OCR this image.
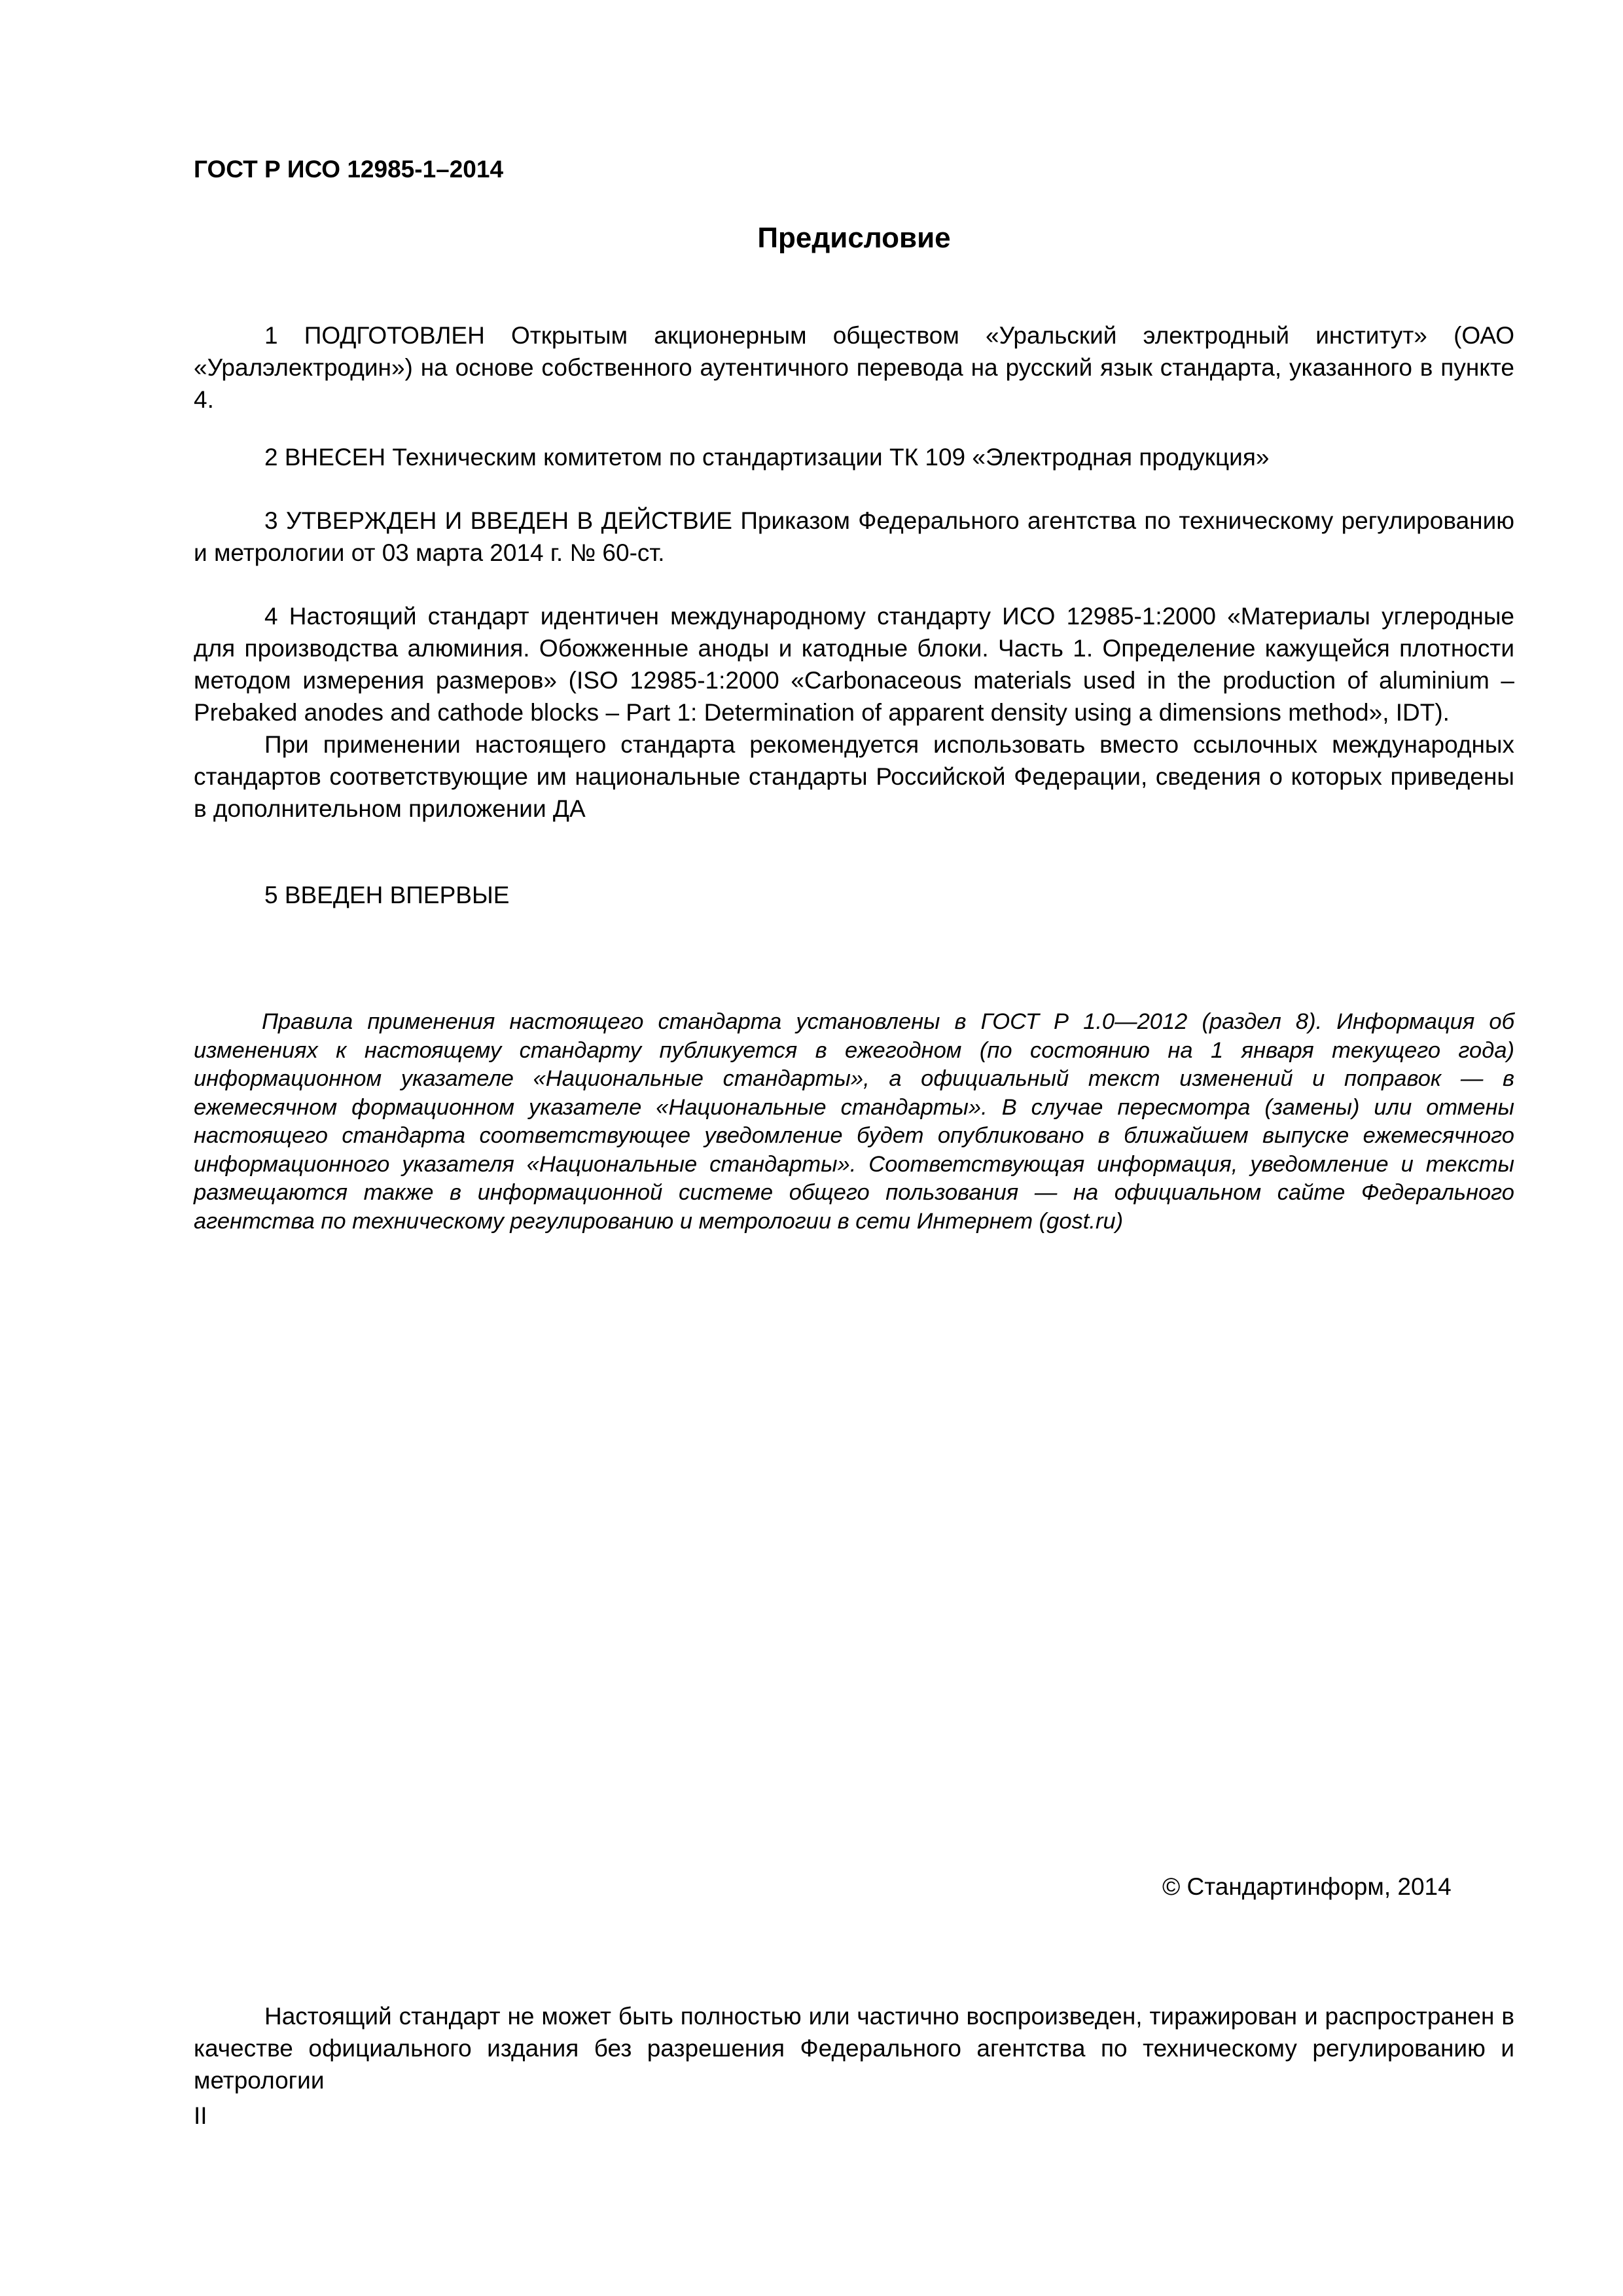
ГОСТ Р ИСО 12985-1–2014
Предисловие

1 ПОДГОТОВЛЕН Открытым акционерным обществом «Уральский электродный институт» (ОАО «Уралэлектродин») на основе собственного аутентичного перевода на русский язык стандарта, указанного в пункте 4.

2 ВНЕСЕН Техническим комитетом по стандартизации ТК 109 «Электродная продукция»

3 УТВЕРЖДЕН И ВВЕДЕН В ДЕЙСТВИЕ Приказом Федерального агентства по техническому регулированию и метрологии от 03 марта 2014 г. № 60-ст.

4 Настоящий стандарт идентичен международному стандарту ИСО 12985-1:2000 «Материалы углеродные для производства алюминия. Обожженные аноды и катодные блоки. Часть 1. Определение кажущейся плотности методом измерения размеров» (ISO 12985-1:2000 «Carbonaceous materials used in the production of aluminium – Prebaked anodes and cathode blocks – Part 1: Determination of apparent density using a dimensions method», IDT).

При применении настоящего стандарта рекомендуется использовать вместо ссылочных международных стандартов соответствующие им национальные стандарты Российской Федерации, сведения о которых приведены в дополнительном приложении ДА

5 ВВЕДЕН ВПЕРВЫЕ

Правила применения настоящего стандарта установлены в ГОСТ Р 1.0—2012 (раздел 8). Информация об изменениях к настоящему стандарту публикуется в ежегодном (по состоянию на 1 января текущего года) информационном указателе «Национальные стандарты», а официальный текст изменений и поправок — в ежемесячном формационном указателе «Национальные стандарты». В случае пересмотра (замены) или отмены настоящего стандарта соответствующее уведомление будет опубликовано в ближайшем выпуске ежемесячного информационного указателя «Национальные стандарты». Соответствующая информация, уведомление и тексты размещаются также в информационной системе общего пользования — на официальном сайте Федерального агентства по техническому регулированию и метрологии в сети Интернет (gost.ru)

© Стандартинформ, 2014

Настоящий стандарт не может быть полностью или частично воспроизведен, тиражирован и распространен в качестве официального издания без разрешения Федерального агентства по техническому регулированию и метрологии

II
